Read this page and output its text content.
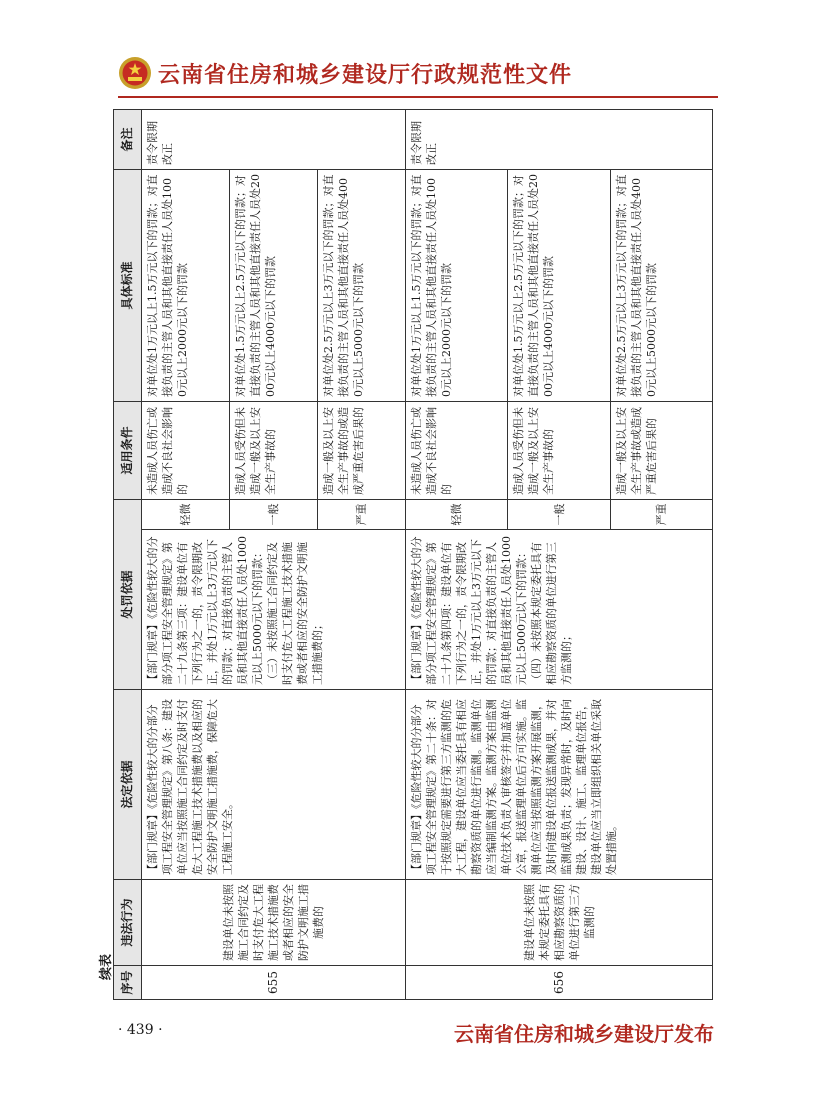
云南省住房和城乡建设厅行政规范性文件
序号	违法行为	法定依据	处罚依据		适用条件	具体标准	备注
655	建设单位未按照施工合同约定及时支付危大工程施工技术措施费或者相应的安全防护文明施工措施费的	【部门规章】《危险性较大的分部分项工程安全管理规定》第八条：建设单位应当按照施工合同约定及时支付危大工程施工技术措施费以及相应的安全防护文明施工措施费，保障危大工程施工安全。	【部门规章】《危险性较大的分部分项工程安全管理规定》第二十九条第三项：建设单位有下列行为之一的，责令限期改正，并处1万元以上3万元以下的罚款；对直接负责的主管人员和其他直接责任人员处1000元以上5000元以下的罚款：（三）未按照施工合同约定及时支付危大工程施工技术措施费或者相应的安全防护文明施工措施费的；	轻微	未造成人员伤亡或造成不良社会影响的	对单位处1万元以上1.5万元以下的罚款；对直接负责的主管人员和其他直接责任人员处1000元以上2000元以下的罚款	责令限期改正
				一般	造成人员受伤但未造成一般及以上安全生产事故的	对单位处1.5万元以上2.5万元以下的罚款；对直接负责的主管人员和其他直接责任人员处2000元以上4000元以下的罚款	
				严重	造成一般及以上安全生产事故的或造成严重危害后果的	对单位处2.5万元以上3万元以下的罚款；对直接负责的主管人员和其他直接责任人员处4000元以上5000元以下的罚款	
656	建设单位未按照本规定委托具有相应勘察资质的单位进行第三方监测的	【部门规章】《危险性较大的分部分项工程安全管理规定》第二十条：对于按照规定需要进行第三方监测的危大工程，建设单位应当委托具有相应勘察资质的单位进行监测。监测单位应当编制监测方案。监测方案由监测单位技术负责人审核签字并加盖单位公章，报送监理单位后方可实施。监测单位应当按照监测方案开展监测，及时向建设单位报送监测成果，并对监测成果负责；发现异常时，及时向建设、设计、施工、监理单位报告，建设单位应当立即组织相关单位采取处置措施。	【部门规章】《危险性较大的分部分项工程安全管理规定》第二十九条第四项：建设单位有下列行为之一的，责令限期改正，并处1万元以上3万元以下的罚款；对直接负责的主管人员和其他直接责任人员处1000元以上5000元以下的罚款：（四）未按照本规定委托具有相应勘察资质的单位进行第三方监测的；	轻微	未造成人员伤亡或造成不良社会影响的	对单位处1万元以上1.5万元以下的罚款；对直接负责的主管人员和其他直接责任人员处1000元以上2000元以下的罚款	责令限期改正
				一般	造成人员受伤但未造成一般及以上安全生产事故的	对单位处1.5万元以上2.5万元以下的罚款；对直接负责的主管人员和其他直接责任人员处2000元以上4000元以下的罚款	
				严重	造成一般及以上安全生产事故或造成严重危害后果的	对单位处2.5万元以上3万元以下的罚款；对直接负责的主管人员和其他直接责任人员处4000元以上5000元以下的罚款	
续表
· 439 ·	云南省住房和城乡建设厅发布
